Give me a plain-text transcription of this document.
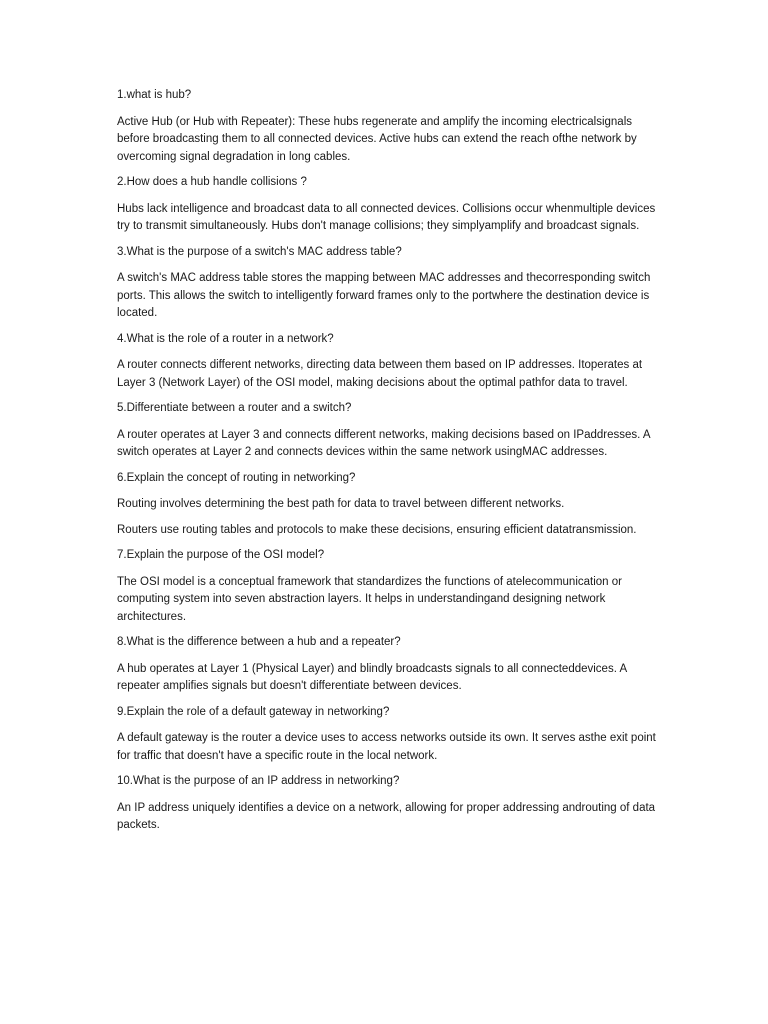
1.what is hub?

Active Hub (or Hub with Repeater): These hubs regenerate and amplify the incoming electricalsignals before broadcasting them to all connected devices. Active hubs can extend the reach ofthe network by overcoming signal degradation in long cables.

2.How does a hub handle collisions ?

Hubs lack intelligence and broadcast data to all connected devices. Collisions occur whenmultiple devices try to transmit simultaneously. Hubs don't manage collisions; they simplyamplify and broadcast signals.

3.What is the purpose of a switch's MAC address table?

A switch's MAC address table stores the mapping between MAC addresses and thecorresponding switch ports. This allows the switch to intelligently forward frames only to the portwhere the destination device is located.

4.What is the role of a router in a network?

A router connects different networks, directing data between them based on IP addresses. Itoperates at Layer 3 (Network Layer) of the OSI model, making decisions about the optimal pathfor data to travel.

5.Differentiate between a router and a switch?

A router operates at Layer 3 and connects different networks, making decisions based on IPaddresses. A switch operates at Layer 2 and connects devices within the same network usingMAC addresses.

6.Explain the concept of routing in networking?

Routing involves determining the best path for data to travel between different networks.

Routers use routing tables and protocols to make these decisions, ensuring efficient datatransmission.

7.Explain the purpose of the OSI model?

The OSI model is a conceptual framework that standardizes the functions of atelecommunication or computing system into seven abstraction layers. It helps in understandingand designing network architectures.

8.What is the difference between a hub and a repeater?

A hub operates at Layer 1 (Physical Layer) and blindly broadcasts signals to all connecteddevices. A repeater amplifies signals but doesn't differentiate between devices.

9.Explain the role of a default gateway in networking?

A default gateway is the router a device uses to access networks outside its own. It serves asthe exit point for traffic that doesn't have a specific route in the local network.

10.What is the purpose of an IP address in networking?

An IP address uniquely identifies a device on a network, allowing for proper addressing androuting of data packets.
